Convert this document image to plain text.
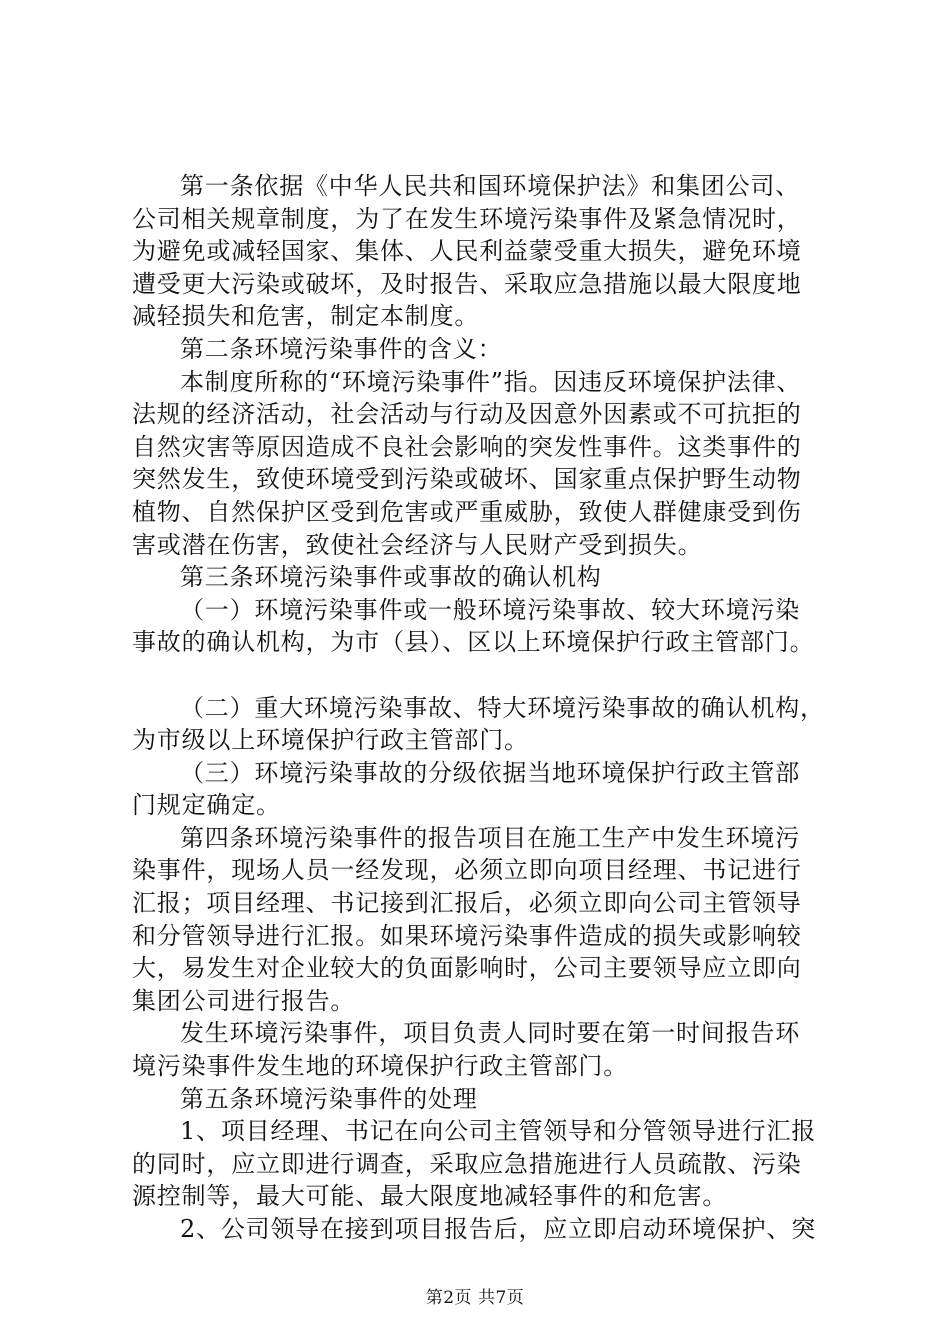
第一条依据《中华人民共和国环境保护法》和集团公司、
公司相关规章制度，为了在发生环境污染事件及紧急情况时，
为避免或减轻国家、集体、人民利益蒙受重大损失，避免环境
遭受更大污染或破坏，及时报告、采取应急措施以最大限度地
减轻损失和危害，制定本制度。
第二条环境污染事件的含义：
本制度所称的“环境污染事件”指。因违反环境保护法律、
法规的经济活动，社会活动与行动及因意外因素或不可抗拒的
自然灾害等原因造成不良社会影响的突发性事件。这类事件的
突然发生，致使环境受到污染或破坏、国家重点保护野生动物
植物、自然保护区受到危害或严重威胁，致使人群健康受到伤
害或潜在伤害，致使社会经济与人民财产受到损失。
第三条环境污染事件或事故的确认机构
（一）环境污染事件或一般环境污染事故、较大环境污染
事故的确认机构，为市（县）、区以上环境保护行政主管部门。
（二）重大环境污染事故、特大环境污染事故的确认机构，
为市级以上环境保护行政主管部门。
（三）环境污染事故的分级依据当地环境保护行政主管部
门规定确定。
第四条环境污染事件的报告项目在施工生产中发生环境污
染事件，现场人员一经发现，必须立即向项目经理、书记进行
汇报；项目经理、书记接到汇报后，必须立即向公司主管领导
和分管领导进行汇报。如果环境污染事件造成的损失或影响较
大，易发生对企业较大的负面影响时，公司主要领导应立即向
集团公司进行报告。
发生环境污染事件，项目负责人同时要在第一时间报告环
境污染事件发生地的环境保护行政主管部门。
第五条环境污染事件的处理
1、项目经理、书记在向公司主管领导和分管领导进行汇报
的同时，应立即进行调查，采取应急措施进行人员疏散、污染
源控制等，最大可能、最大限度地减轻事件的和危害。
2、公司领导在接到项目报告后，应立即启动环境保护、突
第2页 共7页
